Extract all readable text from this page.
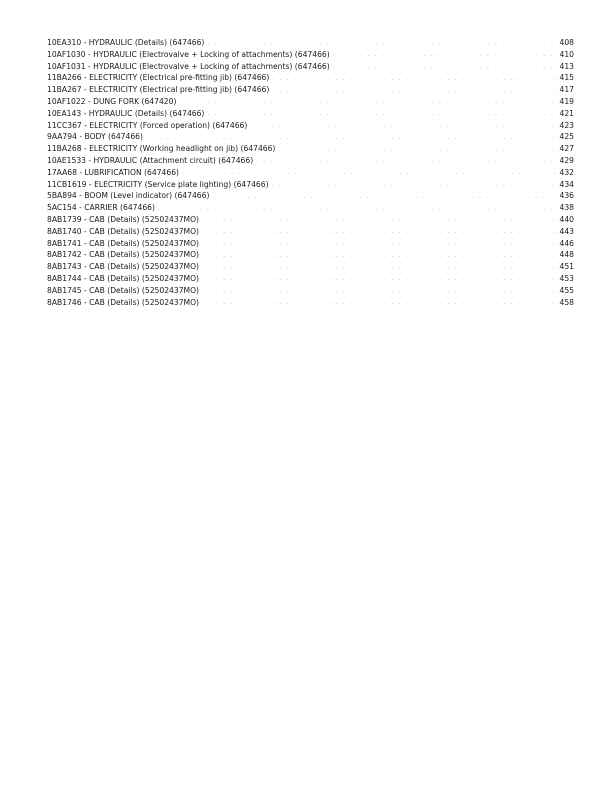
10EA310 - HYDRAULIC (Details) (647466) . . .	408
10AF1030 - HYDRAULIC (Electrovalve + Locking of attachments) (647466) . . .	410
10AF1031 - HYDRAULIC (Electrovalve + Locking of attachments) (647466) . . .	413
11BA266 - ELECTRICITY (Electrical pre-fitting jib) (647466) . . .	415
11BA267 - ELECTRICITY (Electrical pre-fitting jib) (647466) . . .	417
10AF1022 - DUNG FORK (647420) . . .	419
10EA143 - HYDRAULIC (Details) (647466) . . .	421
11CC367 - ELECTRICITY (Forced operation) (647466) . . .	423
9AA794 - BODY (647466) . . .	425
11BA268 - ELECTRICITY (Working headlight on jib) (647466) . . .	427
10AE1533 - HYDRAULIC (Attachment circuit) (647466) . . .	429
17AA68 - LUBRIFICATION (647466) . . .	432
11CB1619 - ELECTRICITY (Service plate lighting) (647466) . . .	434
5BA894 - BOOM (Level indicator) (647466) . . .	436
5AC154 - CARRIER (647466) . . .	438
8AB1739 - CAB (Details) (52502437MO) . . .	440
8AB1740 - CAB (Details) (52502437MO) . . .	443
8AB1741 - CAB (Details) (52502437MO) . . .	446
8AB1742 - CAB (Details) (52502437MO) . . .	448
8AB1743 - CAB (Details) (52502437MO) . . .	451
8AB1744 - CAB (Details) (52502437MO) . . .	453
8AB1745 - CAB (Details) (52502437MO) . . .	455
8AB1746 - CAB (Details) (52502437MO) . . .	458
